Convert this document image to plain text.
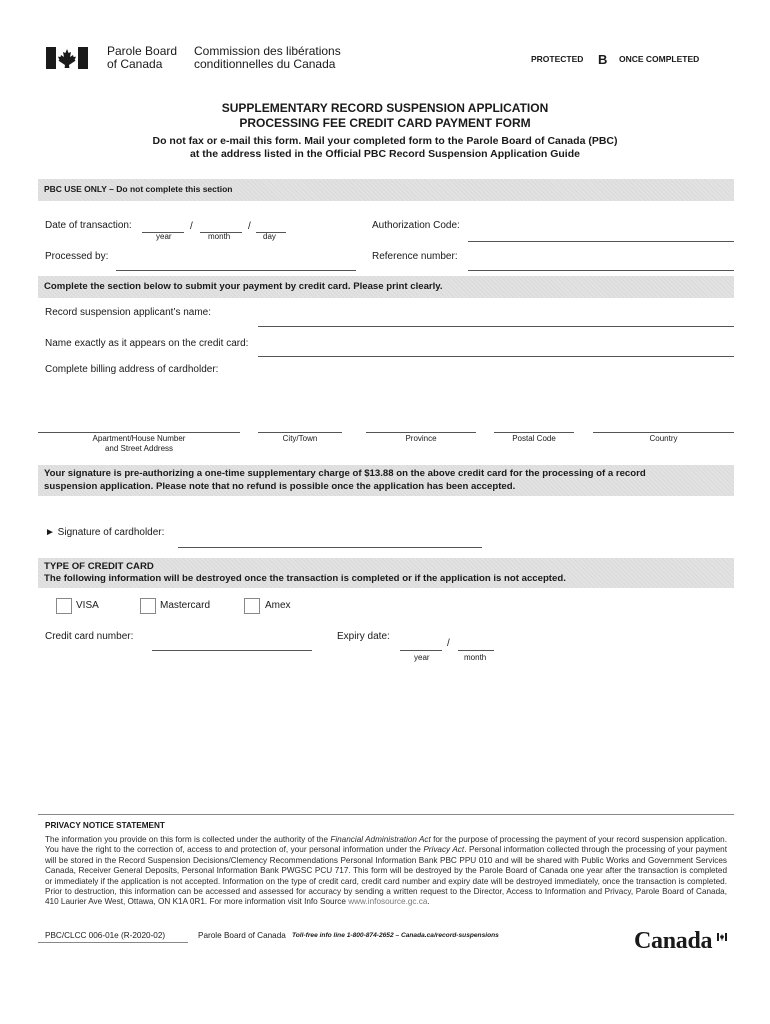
Parole Board
of Canada
Commission des libérations
conditionnelles du Canada	PROTECTED B ONCE COMPLETED
SUPPLEMENTARY RECORD SUSPENSION APPLICATION
PROCESSING FEE CREDIT CARD PAYMENT FORM
Do not fax or e-mail this form. Mail your completed form to the Parole Board of Canada (PBC)
at the address listed in the Official PBC Record Suspension Application Guide
PBC USE ONLY – Do not complete this section
Date of transaction:	/	/
year	month	day
Authorization Code:
Processed by:	Reference number:
Complete the section below to submit your payment by credit card. Please print clearly.
Record suspension applicant’s name:
Name exactly as it appears on the credit card:
Complete billing address of cardholder:
Apartment/House Number
and Street Address
City/Town	Province	Postal Code	Country
Your signature is pre-authorizing a one-time supplementary charge of $13.88 on the above credit card for the processing of a record
suspension application. Please note that no refund is possible once the application has been accepted.
► Signature of cardholder:
TYPE OF CREDIT CARD
The following information will be destroyed once the transaction is completed or if the application is not accepted.
VISA	Mastercard	Amex
Credit card number:	Expiry date:
/
year	month
PRIVACY NOTICE STATEMENT
The information you provide on this form is collected under the authority of the Financial Administration Act for the purpose of processing the payment of your record suspension application. You have the right to the correction of, access to and protection of, your personal information under the Privacy Act. Personal information collected through the processing of your payment will be stored in the Record Suspension Decisions/Clemency Recommendations Personal Information Bank PBC PPU 010 and will be shared with Public Works and Government Services Canada, Receiver General Deposits, Personal Information Bank PWGSC PCU 717. This form will be destroyed by the Parole Board of Canada one year after the transaction is completed or immediately if the application is not accepted. Information on the type of credit card, credit card number and expiry date will be destroyed immediately, once the transaction is completed. Prior to destruction, this information can be accessed and assessed for accuracy by sending a written request to the Director, Access to Information and Privacy, Parole Board of Canada, 410 Laurier Ave West, Ottawa, ON K1A 0R1. For more information visit Info Source www.infosource.gc.ca.
PBC/CLCC 006-01e (R-2020-02)	Parole Board of Canada Toll-free info line 1-800-874-2652 – Canada.ca/record-suspensions	Canada
